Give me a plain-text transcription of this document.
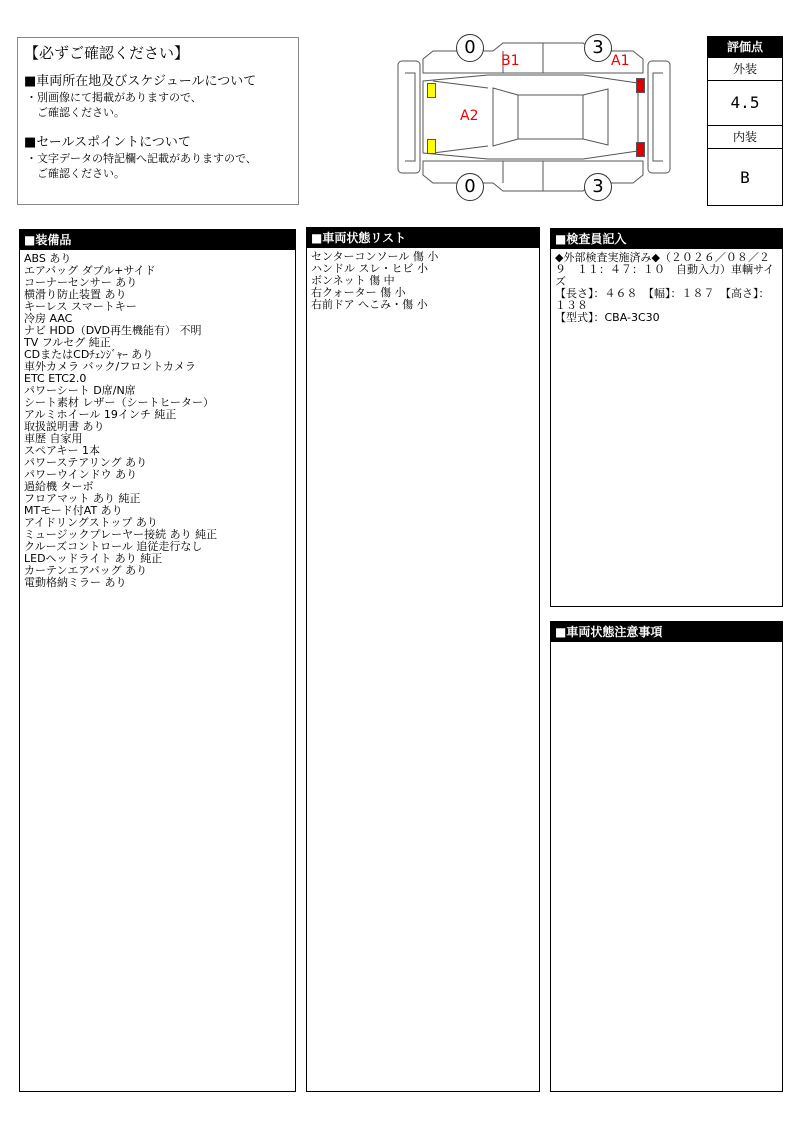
【必ずご確認ください】
■車両所在地及びスケジュールについて
・別画像にて掲載がありますので、
　ご確認ください。
■セールスポイントについて
・文字データの特記欄へ記載がありますので、
　ご確認ください。
0	3
0	3
B1	A1
A2
評価点
外装
4.5
内装
B
■装備品
ABS あり
エアバッグ ダブル+サイド
コーナーセンサー あり
横滑り防止装置 あり
キーレス スマートキー
冷房 AAC
ナビ HDD（DVD再生機能有） 不明
TV フルセグ 純正
CDまたはCDﾁｪﾝｼﾞｬｰ あり
車外カメラ バック/フロントカメラ
ETC ETC2.0
パワーシート D席/N席
シート素材 レザー（シートヒーター）
アルミホイール 19インチ 純正
取扱説明書 あり
車歴 自家用
スペアキー 1本
パワーステアリング あり
パワーウインドウ あり
過給機 ターボ
フロアマット あり 純正
MTモード付AT あり
アイドリングストップ あり
ミュージックプレーヤー接続 あり 純正
クルーズコントロール 追従走行なし
LEDヘッドライト あり 純正
カーテンエアバッグ あり
電動格納ミラー あり
■車両状態リスト
センターコンソール 傷 小
ハンドル スレ・ヒビ 小
ボンネット 傷 中
右クォーター 傷 小
右前ドア へこみ・傷 小
■検査員記入
◆外部検査実施済み◆（２０２６／０８／２９　１１：４７：１０　自動入力）車輌サイズ
【長さ】：４６８　【幅】：１８７　【高さ】：１３８
【型式】：CBA-3C30
■車両状態注意事項
